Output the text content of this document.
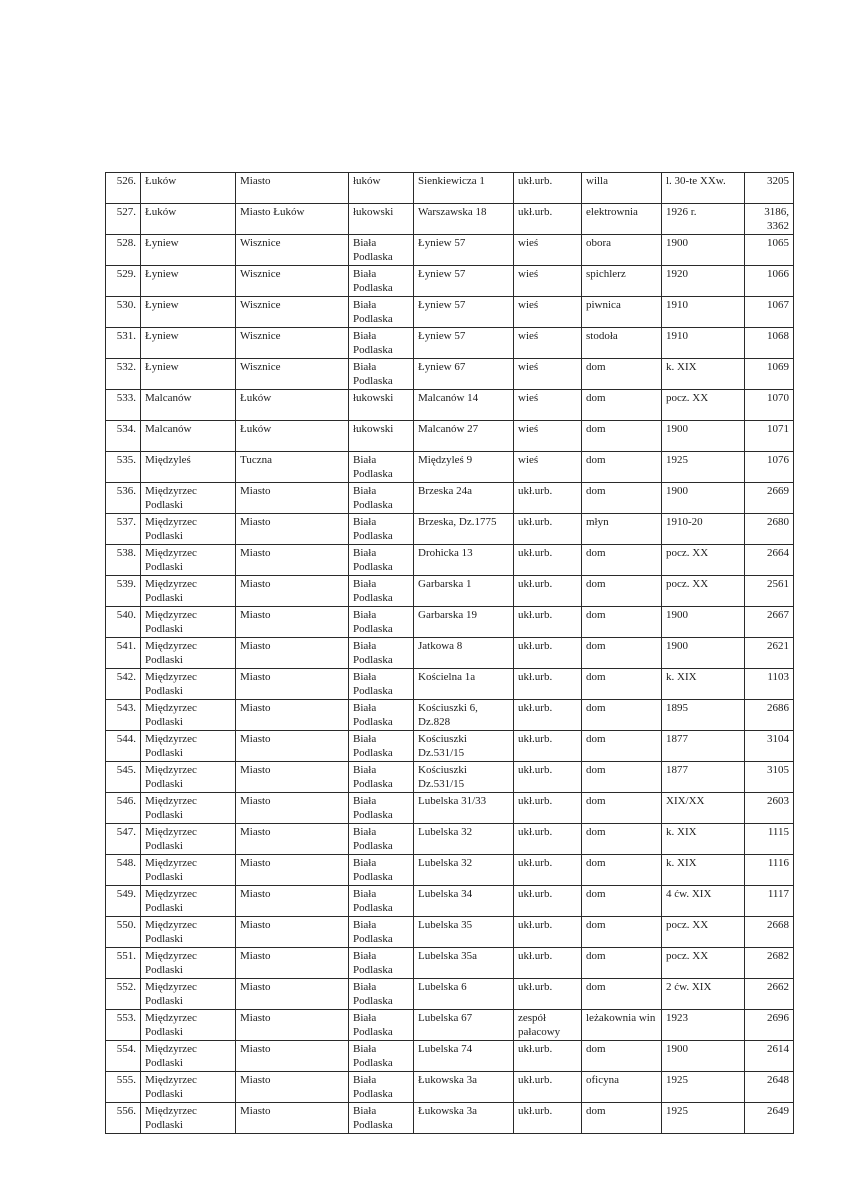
526.	Łuków	Miasto	łuków	Sienkiewicza 1	ukł.urb.	willa	l. 30-te XXw.	3205
527.	Łuków	Miasto Łuków	łukowski	Warszawska 18	ukł.urb.	elektrownia	1926 r.	3186, 3362
528.	Łyniew	Wisznice	Biała Podlaska	Łyniew 57	wieś	obora	1900	1065
529.	Łyniew	Wisznice	Biała Podlaska	Łyniew 57	wieś	spichlerz	1920	1066
530.	Łyniew	Wisznice	Biała Podlaska	Łyniew 57	wieś	piwnica	1910	1067
531.	Łyniew	Wisznice	Biała Podlaska	Łyniew 57	wieś	stodoła	1910	1068
532.	Łyniew	Wisznice	Biała Podlaska	Łyniew 67	wieś	dom	k. XIX	1069
533.	Malcanów	Łuków	łukowski	Malcanów 14	wieś	dom	pocz. XX	1070
534.	Malcanów	Łuków	łukowski	Malcanów 27	wieś	dom	1900	1071
535.	Międzyleś	Tuczna	Biała Podlaska	Międzyleś 9	wieś	dom	1925	1076
536.	Międzyrzec Podlaski	Miasto	Biała Podlaska	Brzeska 24a	ukł.urb.	dom	1900	2669
537.	Międzyrzec Podlaski	Miasto	Biała Podlaska	Brzeska, Dz.1775	ukł.urb.	młyn	1910-20	2680
538.	Międzyrzec Podlaski	Miasto	Biała Podlaska	Drohicka 13	ukł.urb.	dom	pocz. XX	2664
539.	Międzyrzec Podlaski	Miasto	Biała Podlaska	Garbarska 1	ukł.urb.	dom	pocz. XX	2561
540.	Międzyrzec Podlaski	Miasto	Biała Podlaska	Garbarska 19	ukł.urb.	dom	1900	2667
541.	Międzyrzec Podlaski	Miasto	Biała Podlaska	Jatkowa 8	ukł.urb.	dom	1900	2621
542.	Międzyrzec Podlaski	Miasto	Biała Podlaska	Kościelna 1a	ukł.urb.	dom	k. XIX	1103
543.	Międzyrzec Podlaski	Miasto	Biała Podlaska	Kościuszki 6, Dz.828	ukł.urb.	dom	1895	2686
544.	Międzyrzec Podlaski	Miasto	Biała Podlaska	Kościuszki Dz.531/15	ukł.urb.	dom	1877	3104
545.	Międzyrzec Podlaski	Miasto	Biała Podlaska	Kościuszki Dz.531/15	ukł.urb.	dom	1877	3105
546.	Międzyrzec Podlaski	Miasto	Biała Podlaska	Lubelska 31/33	ukł.urb.	dom	XIX/XX	2603
547.	Międzyrzec Podlaski	Miasto	Biała Podlaska	Lubelska 32	ukł.urb.	dom	k. XIX	1115
548.	Międzyrzec Podlaski	Miasto	Biała Podlaska	Lubelska 32	ukł.urb.	dom	k. XIX	1116
549.	Międzyrzec Podlaski	Miasto	Biała Podlaska	Lubelska 34	ukł.urb.	dom	4 ćw. XIX	1117
550.	Międzyrzec Podlaski	Miasto	Biała Podlaska	Lubelska 35	ukł.urb.	dom	pocz. XX	2668
551.	Międzyrzec Podlaski	Miasto	Biała Podlaska	Lubelska 35a	ukł.urb.	dom	pocz. XX	2682
552.	Międzyrzec Podlaski	Miasto	Biała Podlaska	Lubelska 6	ukł.urb.	dom	2 ćw. XIX	2662
553.	Międzyrzec Podlaski	Miasto	Biała Podlaska	Lubelska 67	zespół pałacowy	leżakownia win	1923	2696
554.	Międzyrzec Podlaski	Miasto	Biała Podlaska	Lubelska 74	ukł.urb.	dom	1900	2614
555.	Międzyrzec Podlaski	Miasto	Biała Podlaska	Łukowska 3a	ukł.urb.	oficyna	1925	2648
556.	Międzyrzec Podlaski	Miasto	Biała Podlaska	Łukowska 3a	ukł.urb.	dom	1925	2649
